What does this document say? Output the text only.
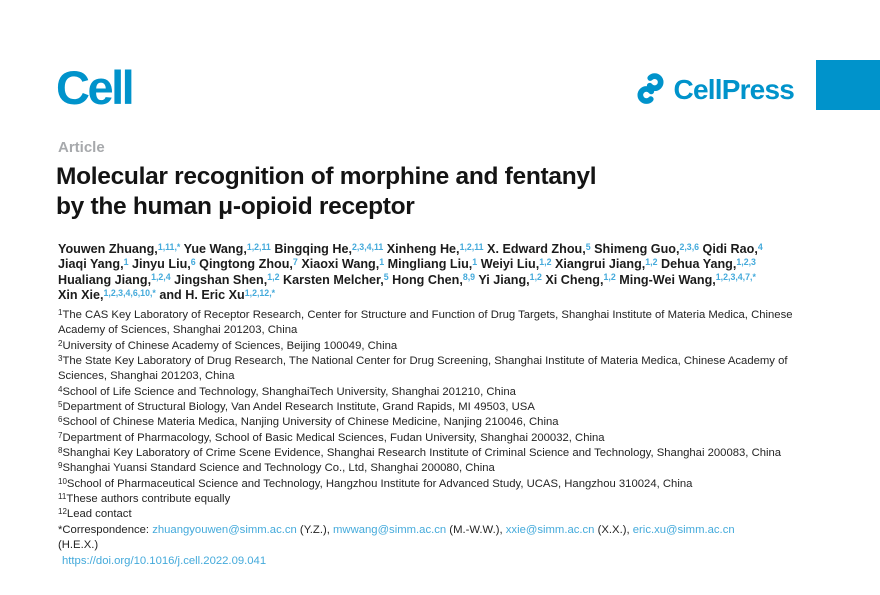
Cell	CellPress
Article
Molecular recognition of morphine and fentanyl
by the human μ-opioid receptor
Youwen Zhuang,$^{1,11,*}$ Yue Wang,$^{1,2,11}$ Bingqing He,$^{2,3,4,11}$ Xinheng He,$^{1,2,11}$ X. Edward Zhou,$^5$ Shimeng Guo,$^{2,3,6}$ Qidi Rao,$^4$
Jiaqi Yang,$^1$ Jinyu Liu,$^6$ Qingtong Zhou,$^7$ Xiaoxi Wang,$^1$ Mingliang Liu,$^1$ Weiyi Liu,$^{1,2}$ Xiangrui Jiang,$^{1,2}$ Dehua Yang,$^{1,2,3}$
Hualiang Jiang,$^{1,2,4}$ Jingshan Shen,$^{1,2}$ Karsten Melcher,$^5$ Hong Chen,$^{8,9}$ Yi Jiang,$^{1,2}$ Xi Cheng,$^{1,2}$ Ming-Wei Wang,$^{1,2,3,4,7,*}$
Xin Xie,$^{1,2,3,4,6,10,*}$ and H. Eric $Xu^{1,2,12,*}$
$^1$The CAS Key Laboratory of Receptor Research, Center for Structure and Function of Drug Targets, Shanghai Institute of Materia Medica, Chinese Academy of Sciences, Shanghai 201203, China
$^2$University of Chinese Academy of Sciences, Beijing 100049, China
$^3$The State Key Laboratory of Drug Research, The National Center for Drug Screening, Shanghai Institute of Materia Medica, Chinese Academy of Sciences, Shanghai 201203, China
$^4$School of Life Science and Technology, ShanghaiTech University, Shanghai 201210, China
$^5$Department of Structural Biology, Van Andel Research Institute, Grand Rapids, MI 49503, USA
$^6$School of Chinese Materia Medica, Nanjing University of Chinese Medicine, Nanjing 210046, China
$^7$Department of Pharmacology, School of Basic Medical Sciences, Fudan University, Shanghai 200032, China
$^8$Shanghai Key Laboratory of Crime Scene Evidence, Shanghai Research Institute of Criminal Science and Technology, Shanghai 200083, China
$^9$Shanghai Yuansi Standard Science and Technology Co., Ltd, Shanghai 200080, China
$^{10}$School of Pharmaceutical Science and Technology, Hangzhou Institute for Advanced Study, UCAS, Hangzhou 310024, China
$^{11}$These authors contribute equally
$^{12}$Lead contact
*Correspondence: zhuangyouwen@simm.ac.cn (Y.Z.), mwwang@simm.ac.cn (M.-W.W.), xxie@simm.ac.cn (X.X.), eric.xu@simm.ac.cn
(H.E.X.)
https://doi.org/10.1016/j.cell.2022.09.041
